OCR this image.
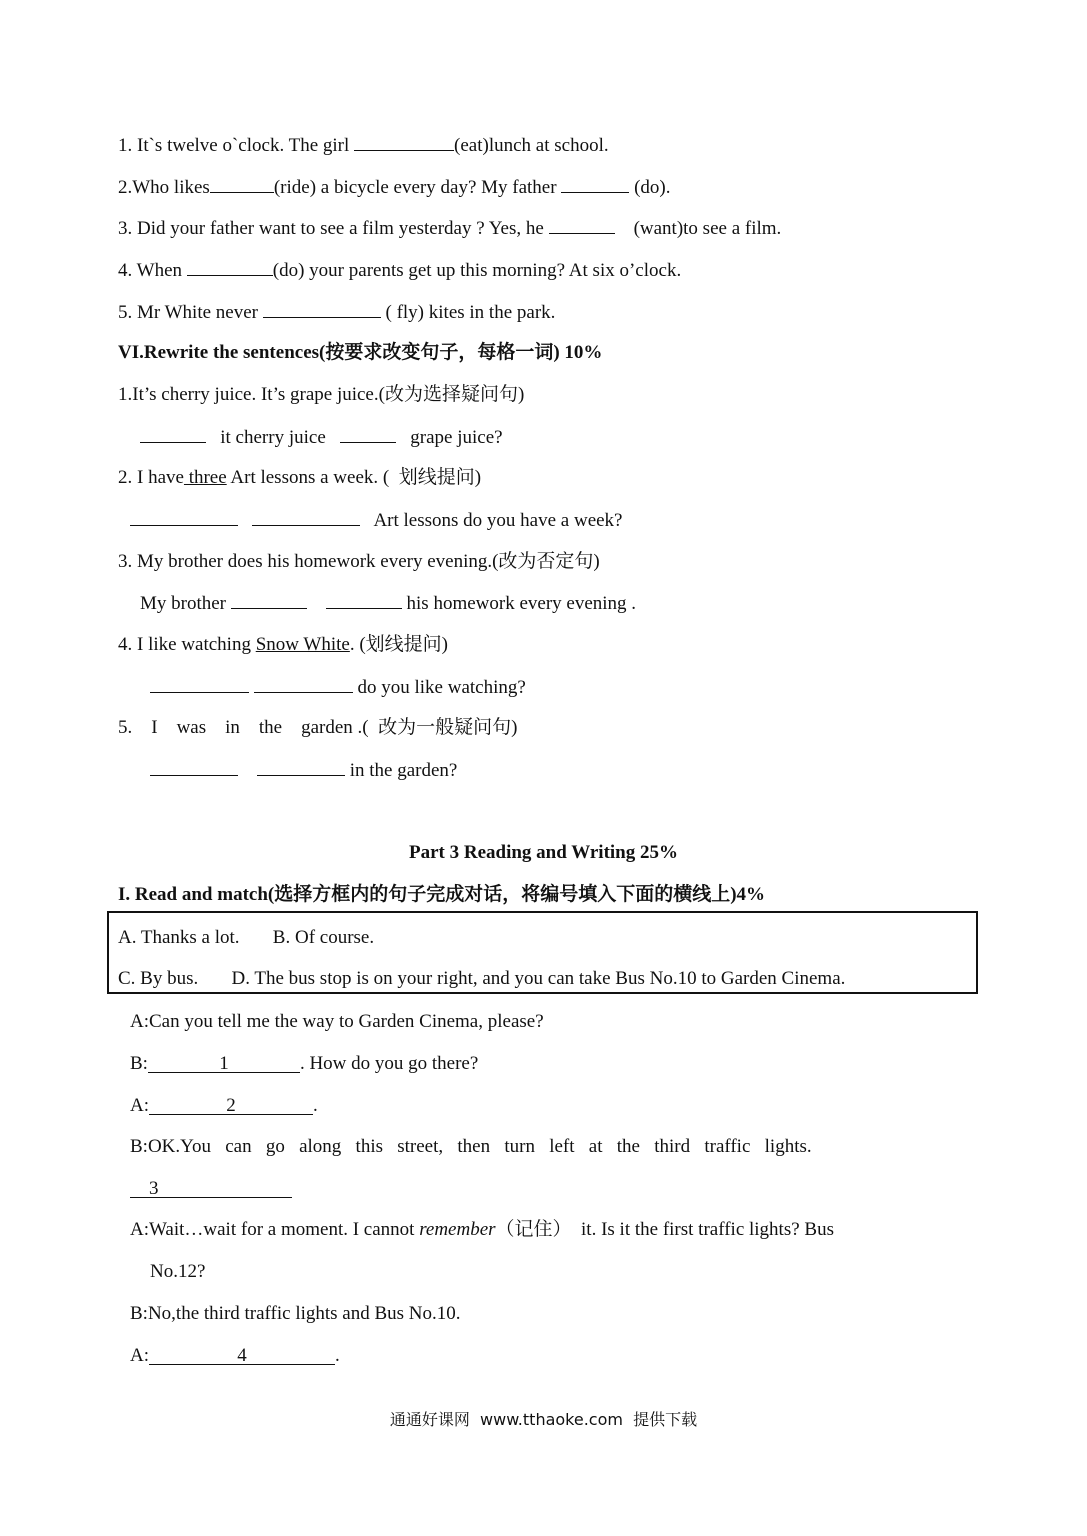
1. It`s twelve o`clock. The girl	(eat)lunch at school.
2.Who likes	(ride) a bicycle every day? My father	(do).
3. Did your father want to see a film yesterday ? Yes, he	(want)to see a film.
4. When	(do) your parents get up this morning? At six o’clock.
5. Mr White never	( fly) kites in the park.
VI.Rewrite the sentences(按要求改变句子，每格一词) 10%
1.It’s cherry juice. It’s grape juice.(改为选择疑问句)
it cherry juice	grape juice?
2. I have three Art lessons a week. (  划线提问)
Art lessons do you have a week?
3. My brother does his homework every evening.(改为否定句)
My brother	his homework every evening .
4. I like watching Snow White. (划线提问)
do you like watching?
5.    I    was    in    the    garden .(  改为一般疑问句)
in the garden?
Part 3 Reading and Writing 25%
I. Read and match(选择方框内的句子完成对话，将编号填入下面的横线上)4%
A. Thanks a lot.       B. Of course.
C. By bus.       D. The bus stop is on your right, and you can take Bus No.10 to Garden Cinema.
A:Can you tell me the way to Garden Cinema, please?
B:	1	. How do you go there?
A:	2	.
B:OK.You   can   go   along   this   street,   then   turn   left   at   the   third   traffic   lights.
3
A:Wait…wait for a moment. I cannot remember（记住）  it. Is it the first traffic lights? Bus
No.12?
B:No,the third traffic lights and Bus No.10.
A:	4	.
通通好课网  www.tthaoke.com  提供下载
